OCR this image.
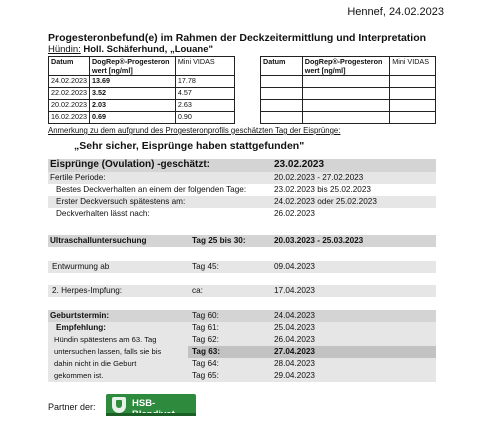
Hennef, 24.02.2023
Progesteronbefund(e) im Rahmen der Deckzeitermittlung und Interpretation
Hündin: Holl. Schäferhund, „Louane"
Datum	DogRep®-Progesteron wert [ng/ml]	Mini VIDAS
24.02.2023	13.69	17.78
22.02.2023	3.52	4.57
20.02.2023	2.03	2.63
16.02.2023	0.69	0.90
Datum	DogRep®-Progesteron wert [ng/ml]	Mini VIDAS

Anmerkung zu dem aufgrund des Progesteronprofils geschätzten Tag der Eisprünge:
„Sehr sicher, Eisprünge haben stattgefunden"
Eisprünge (Ovulation) -geschätzt:	23.02.2023
Fertile Periode:	20.02.2023 - 27.02.2023
Bestes Deckverhalten an einem der folgenden Tage:	23.02.2023 bis 25.02.2023
Erster Deckversuch spätestens am:	24.02.2023 oder 25.02.2023
Deckverhalten lässt nach:	26.02.2023
Ultraschalluntersuchung	Tag 25 bis 30:	20.03.2023 - 25.03.2023
Entwurmung ab	Tag 45:	09.04.2023
2. Herpes-Impfung:	ca:	17.04.2023
Geburtstermin:	Tag 60:	24.04.2023
Empfehlung:	Tag 61:	25.04.2023
Hündin spätestens am 63. Tag	Tag 62:	26.04.2023
untersuchen lassen, falls sie bis	Tag 63:	27.04.2023
dahin nicht in die Geburt	Tag 64:	28.04.2023
gekommen ist.	Tag 65:	29.04.2023
Partner der:	HSB-
